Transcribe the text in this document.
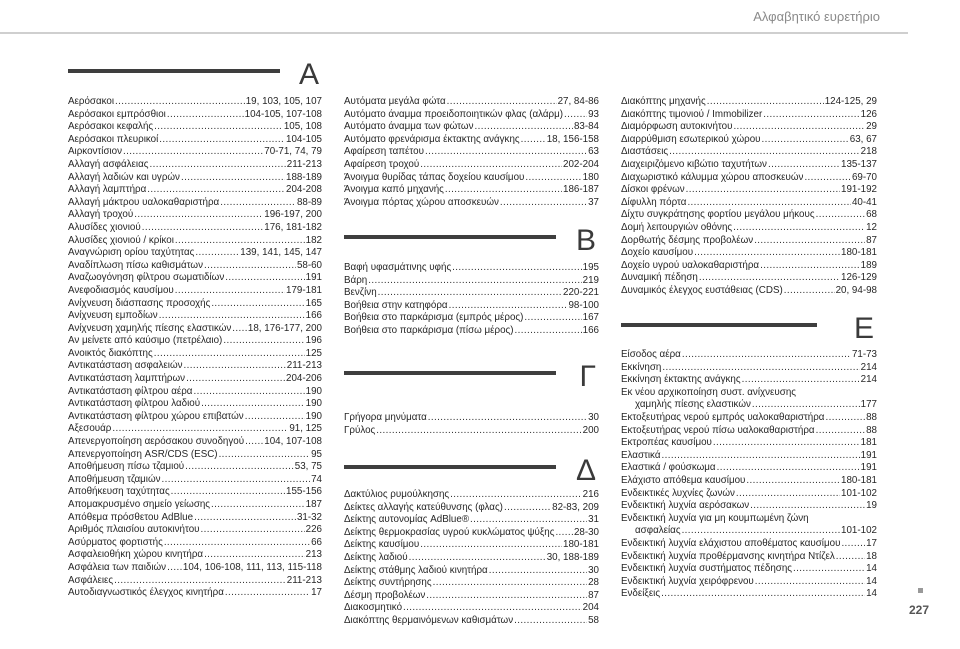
Αλφαβητικό ευρετήριο
A
Αερόσακοι .....	19, 103, 105, 107
Αερόσακοι εμπρόσθιοι .....	104-105, 107-108
Αερόσακοι κεφαλής .....	105, 108
Αερόσακοι πλευρικοί .....	104-105
Αιρκοντίσιον .....	70-71, 74, 79
Αλλαγή ασφάλειας .....	211-213
Αλλαγή λαδιών και υγρών .....	188-189
Αλλαγή λαμπτήρα .....	204-208
Αλλαγή μάκτρου υαλοκαθαριστήρα .....	88-89
Αλλαγή τροχού .....	196-197, 200
Αλυσίδες χιονιού .....	176, 181-182
Αλυσίδες χιονιού / κρίκοι .....	182
Αναγνώριση ορίου ταχύτητας .....	139, 141, 145, 147
Αναδίπλωση πίσω καθισμάτων .....	58-60
Αναζωογόνηση φίλτρου σωματιδίων .....	191
Ανεφοδιασμός καυσίμου .....	179-181
Ανίχνευση διάσπασης προσοχής .....	165
Ανίχνευση εμποδίων .....	166
Ανίχνευση χαμηλής πίεσης ελαστικών ..... 18, 176-177, 200
Αν μείνετε από καύσιμο (πετρέλαιο) .....	196
Ανοικτός διακόπτης .....	125
Αντικατάσταση ασφαλειών .....	211-213
Αντικατάσταση λαμπτήρων .....	204-206
Αντικατάσταση φίλτρου αέρα .....	190
Αντικατάσταση φίλτρου λαδιού .....	190
Αντικατάσταση φίλτρου χώρου επιβατών .....	190
Αξεσουάρ .....	91, 125
Απενεργοποίηση αερόσακου συνοδηγού ..... 104, 107-108
Απενεργοποίηση ASR/CDS (ESC) .....	95
Αποθήμευση πίσω τζαμιού .....	53, 75
Αποθήμευση τζαμιών .....	74
Αποθήκευση ταχύτητας .....	155-156
Απομακρυσμένο σημείο γείωσης .....	187
Απόθεμα πρόσθετου AdBlue .....	31-32
Αριθμός πλαισίου αυτοκινήτου .....	226
Ασύρματος φορτιστής .....	66
Ασφαλειοθήκη χώρου κινητήρα .....	213
Ασφάλεια των παιδιών ..... 104, 106-108, 111, 113, 115-118
Ασφάλειες .....	211-213
Αυτοδιαγνωστικός έλεγχος κινητήρα .....	17
Αυτόματα μεγάλα φώτα .....	27, 84-86
Αυτόματο άναμμα προειδοποιητικών φλας (αλάρμ) .....	93
Αυτόματο άναμμα των φώτων .....	83-84
Αυτόματο φρενάρισμα έκτακτης ανάγκης .....	18, 156-158
Αφαίρεση ταπέτου .....	63
Αφαίρεση τροχού .....	202-204
Άνοιγμα θυρίδας τάπας δοχείου καυσίμου .....	180
Άνοιγμα καπό μηχανής .....	186-187
Άνοιγμα πόρτας χώρου αποσκευών .....	37
B
Βαφή υφασμάτινης υφής .....	195
Βάρη .....	219
Βενζίνη .....	220-221
Βοήθεια στην κατηφόρα .....	98-100
Βοήθεια στο παρκάρισμα (εμπρός μέρος) .....	167
Βοήθεια στο παρκάρισμα (πίσω μέρος) .....	166
Γ
Γρήγορα μηνύματα .....	30
Γρύλος .....	200
Δ
Δακτύλιος ρυμούλκησης .....	216
Δείκτες αλλαγής κατεύθυνσης (φλας) .....	82-83, 209
Δείκτης αυτονομίας AdBlue® .....	31
Δείκτης θερμοκρασίας υγρού κυκλώματος ψύξης ..... 28-30
Δείκτης καυσίμου .....	180-181
Δείκτης λαδιού .....	30, 188-189
Δείκτης στάθμης λαδιού κινητήρα .....	30
Δείκτης συντήρησης .....	28
Δέσμη προβολέων .....	87
Διακοσμητικό .....	204
Διακόπτης θερμαινόμενων καθισμάτων .....	58
Διακόπτης μηχανής .....	124-125, 29
Διακόπτης τιμονιού / Immobilizer .....	126
Διαμόρφωση αυτοκινήτου .....	29
Διαρρύθμιση εσωτερικού χώρου .....	63, 67
Διαστάσεις .....	218
Διαχειριζόμενο κιβώτιο ταχυτήτων .....	135-137
Διαχωριστικό κάλυμμα χώρου αποσκευών .....	69-70
Δίσκοι φρένων .....	191-192
Δίφυλλη πόρτα .....	40-41
Δίχτυ συγκράτησης φορτίου μεγάλου μήκους .....	68
Δομή λειτουργιών οθόνης .....	12
Δορθωτής δέσμης προβολέων .....	87
Δοχείο καυσίμου .....	180-181
Δοχείο υγρού υαλοκαθαριστήρα .....	189
Δυναμική πέδηση .....	126-129
Δυναμικός έλεγχος ευστάθειας (CDS) .....	20, 94-98
E
Είσοδος αέρα .....	71-73
Εκκίνηση .....	214
Εκκίνηση έκτακτης ανάγκης .....	214
Εκ νέου αρχικοποίηση συστ. ανίχνευσης
χαμηλής πίεσης ελαστικών .....	177
Εκτοξευτήρας νερού εμπρός υαλοκαθαριστήρα .....	88
Εκτοξευτήρας νερού πίσω υαλοκαθαριστήρα .....	88
Εκτροπέας καυσίμου .....	181
Ελαστικά .....	191
Ελαστικά / φούσκωμα .....	191
Ελάχιστο απόθεμα καυσίμου .....	180-181
Ενδεικτικές λυχνίες ζωνών .....	101-102
Ενδεικτική λυχνία αερόσακων .....	19
Ενδεικτική λυχνία για μη κουμπωμένη ζώνη
ασφαλείας .....	101-102
Ενδεικτική λυχνία ελάχιστου αποθέματος καυσίμου .....	17
Ενδεικτική λυχνία προθέρμανσης κινητήρα Ντίζελ .....	18
Ενδεικτική λυχνία συστήματος πέδησης .....	14
Ενδεικτική λυχνία χειρόφρενου .....	14
Ενδείξεις .....	14
227
